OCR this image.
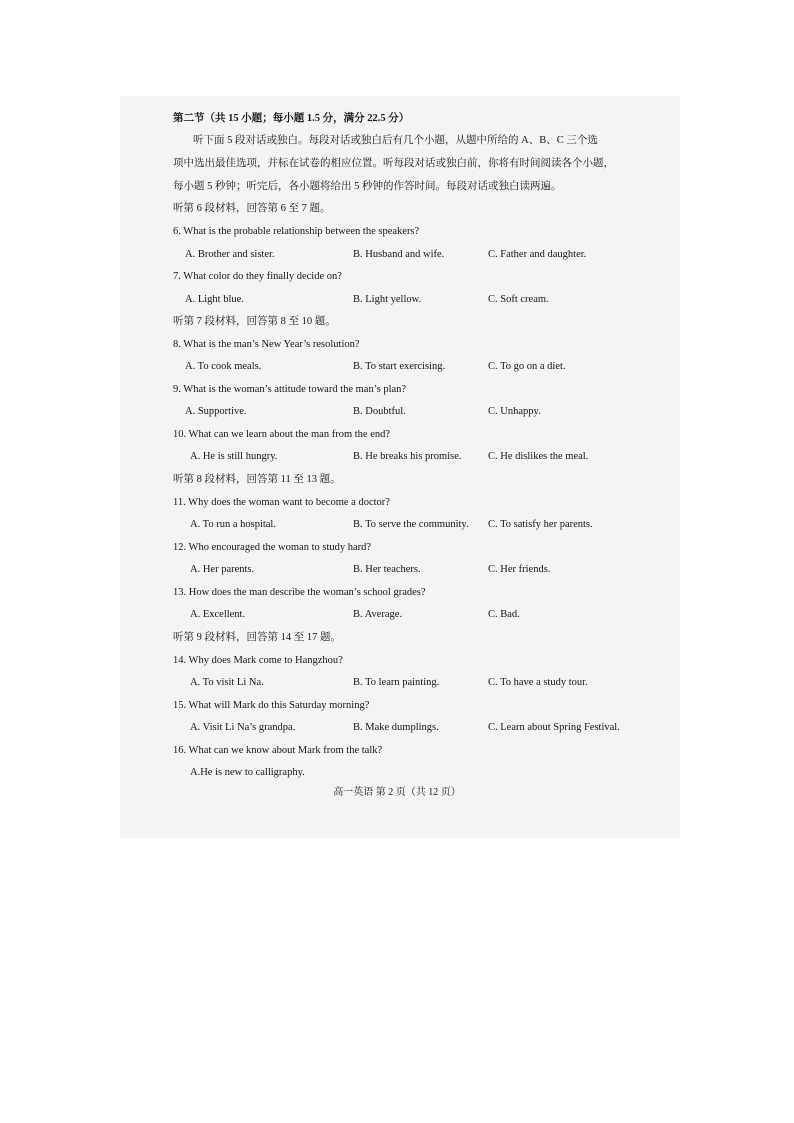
第二节（共 15 小题；每小题 1.5 分，满分 22.5 分）
听下面 5 段对话或独白。每段对话或独白后有几个小题，从题中所给的 A、B、C 三个选
项中选出最佳选项，并标在试卷的相应位置。听每段对话或独白前，你将有时间阅读各个小题，
每小题 5 秒钟；听完后，各小题将给出 5 秒钟的作答时间。每段对话或独白读两遍。
听第 6 段材料，回答第 6 至 7 题。
6. What is the probable relationship between the speakers?
A. Brother and sister.	B. Husband and wife.	C. Father and daughter.
7. What color do they finally decide on?
A. Light blue.	B. Light yellow.	C. Soft cream.
听第 7 段材料，回答第 8 至 10 题。
8. What is the man’s New Year’s resolution?
A. To cook meals.	B. To start exercising.	C. To go on a diet.
9. What is the woman’s attitude toward the man’s plan?
A. Supportive.	B. Doubtful.	C. Unhappy.
10. What can we learn about the man from the end?
A. He is still hungry.	B. He breaks his promise.	C. He dislikes the meal.
听第 8 段材料，回答第 11 至 13 题。
11. Why does the woman want to become a doctor?
A. To run a hospital.	B. To serve the community. C. To satisfy her parents.
12. Who encouraged the woman to study hard?
A. Her parents.	B. Her teachers.	C. Her friends.
13. How does the man describe the woman’s school grades?
A. Excellent.	B. Average.	C. Bad.
听第 9 段材料，回答第 14 至 17 题。
14. Why does Mark come to Hangzhou?
A. To visit Li Na.	B. To learn painting.	C. To have a study tour.
15. What will Mark do this Saturday morning?
A. Visit Li Na’s grandpa.	B. Make dumplings.	C. Learn about Spring Festival.
16. What can we know about Mark from the talk?
A.He is new to calligraphy.
高一英语 第 2 页（共 12 页）
